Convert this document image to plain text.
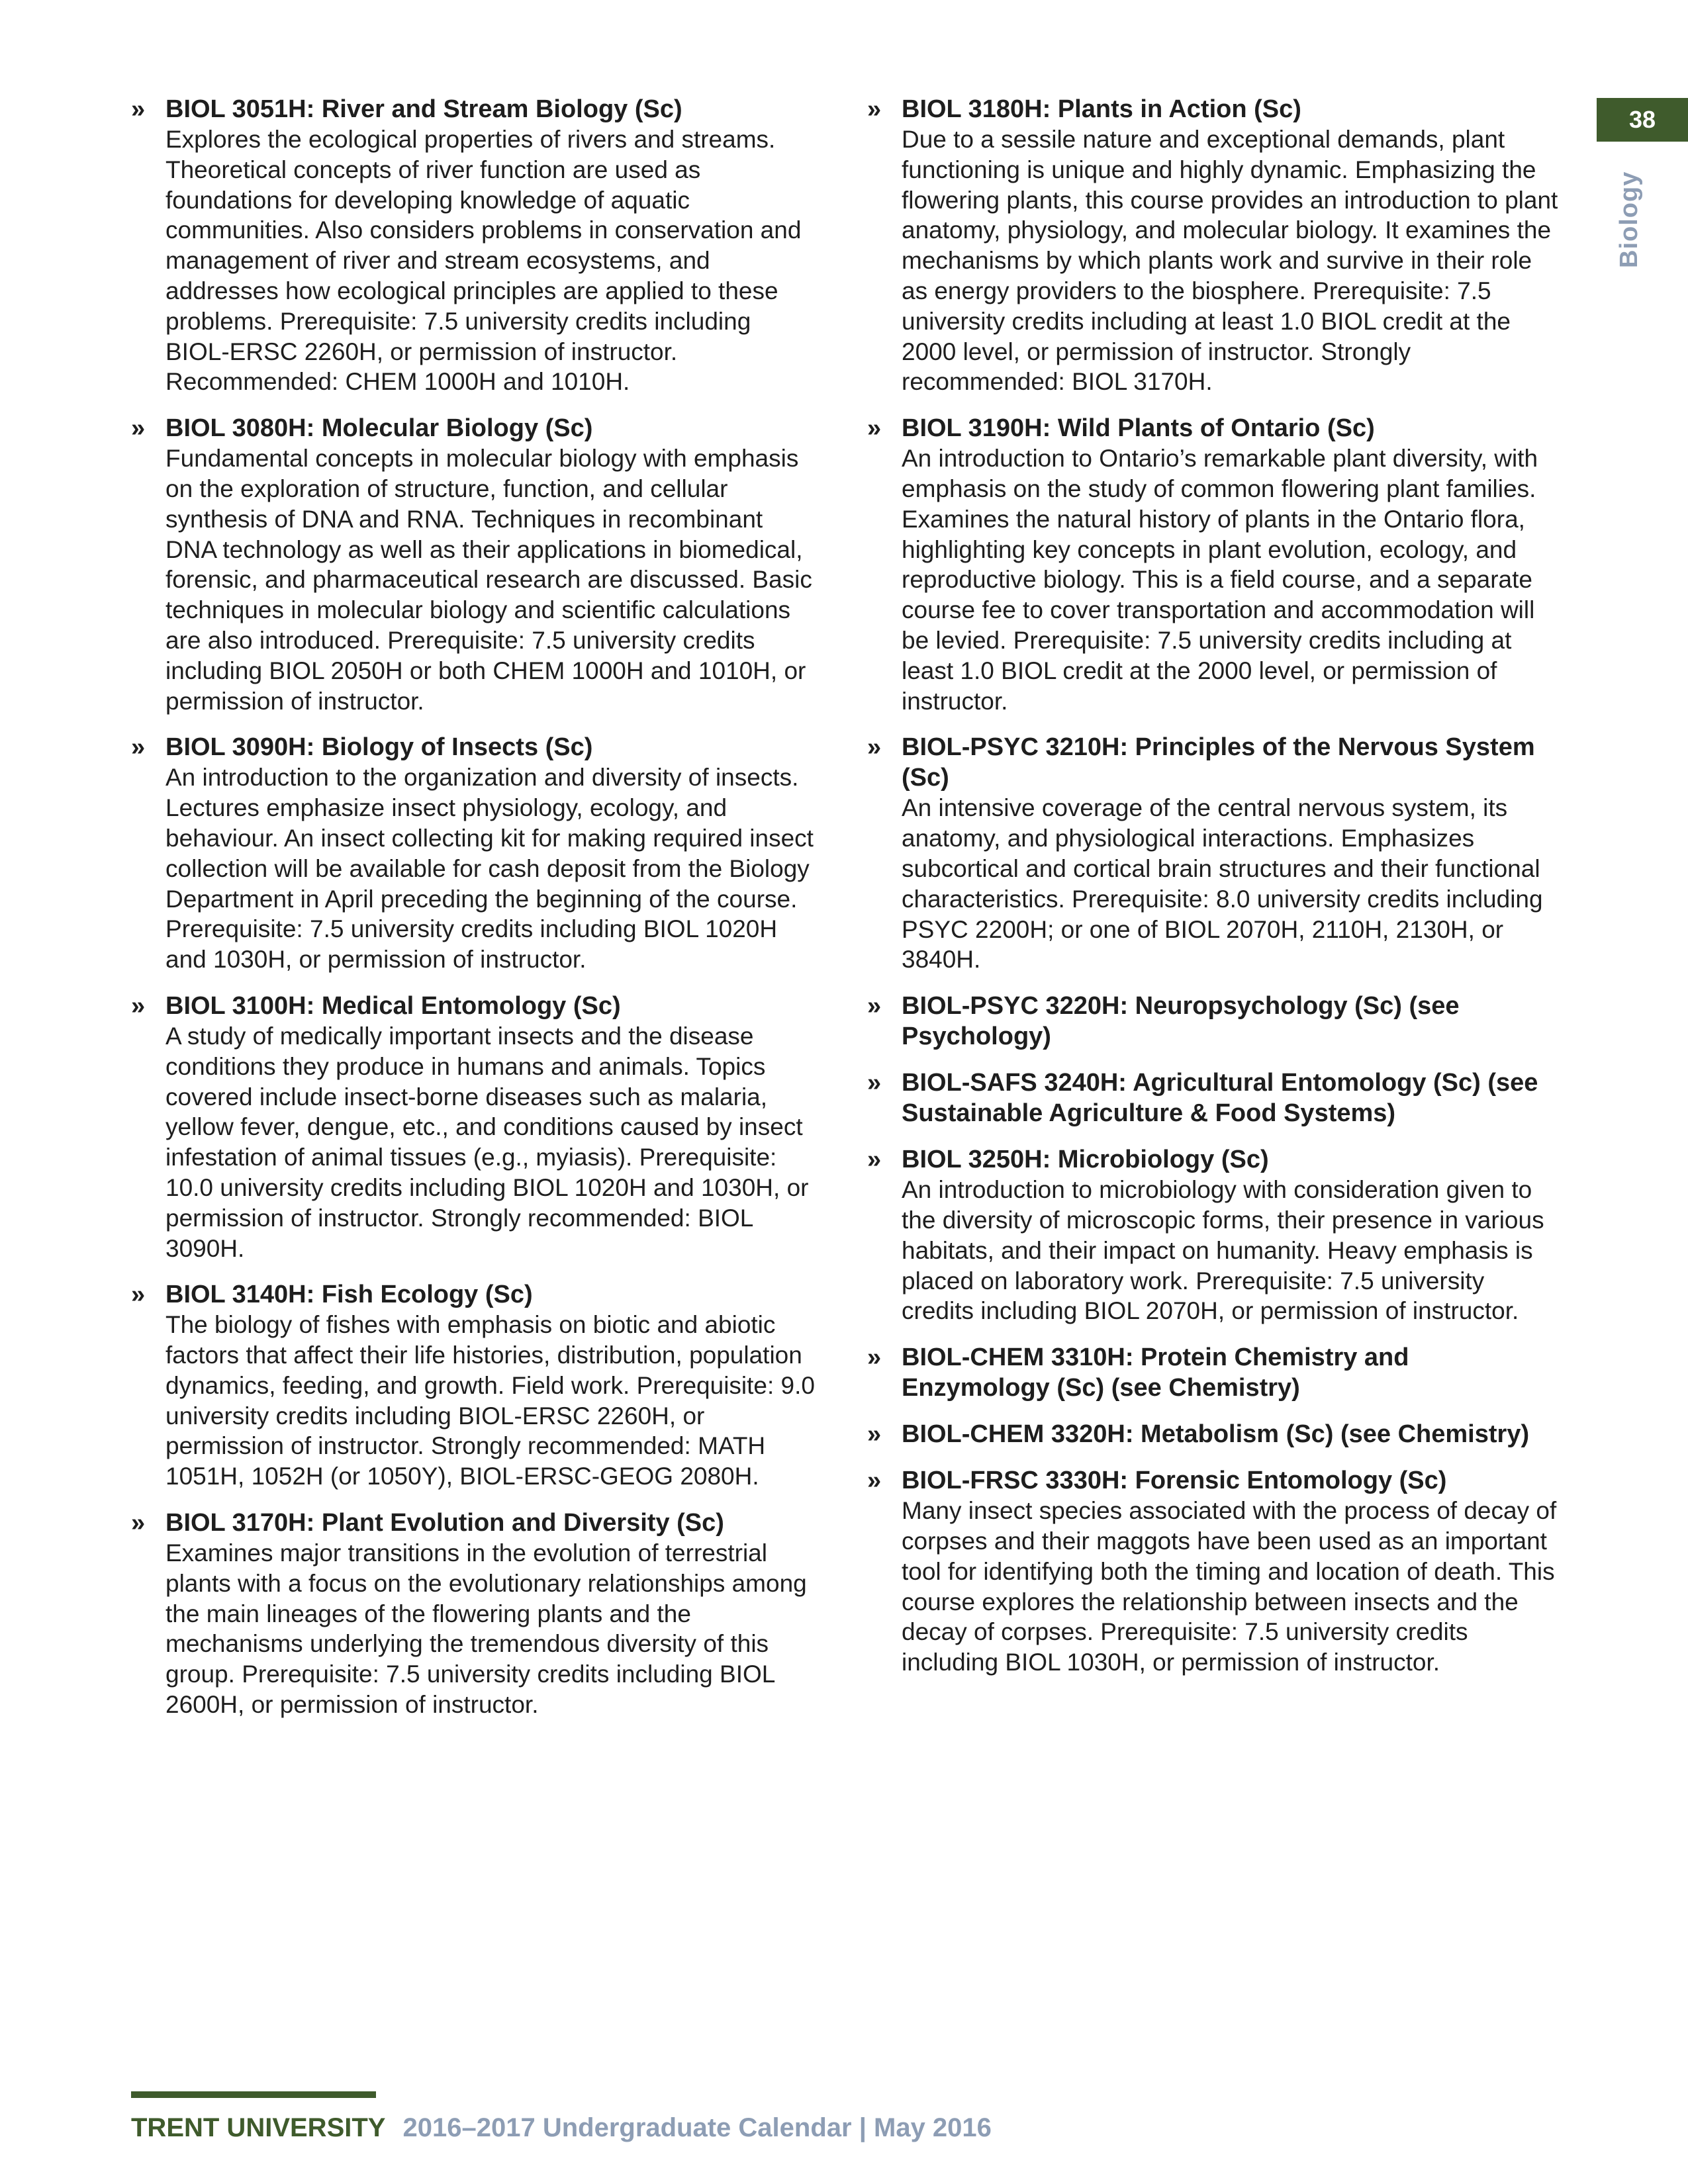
» BIOL 3051H: River and Stream Biology (Sc)
Explores the ecological properties of rivers and streams. Theoretical concepts of river function are used as foundations for developing knowledge of aquatic communities. Also considers problems in conservation and management of river and stream ecosystems, and addresses how ecological principles are applied to these problems. Prerequisite: 7.5 university credits including BIOL-ERSC 2260H, or permission of instructor. Recommended: CHEM 1000H and 1010H.
» BIOL 3080H: Molecular Biology (Sc)
Fundamental concepts in molecular biology with emphasis on the exploration of structure, function, and cellular synthesis of DNA and RNA. Techniques in recombinant DNA technology as well as their applications in biomedical, forensic, and pharmaceutical research are discussed. Basic techniques in molecular biology and scientific calculations are also introduced. Prerequisite: 7.5 university credits including BIOL 2050H or both CHEM 1000H and 1010H, or permission of instructor.
» BIOL 3090H: Biology of Insects (Sc)
An introduction to the organization and diversity of insects. Lectures emphasize insect physiology, ecology, and behaviour. An insect collecting kit for making required insect collection will be available for cash deposit from the Biology Department in April preceding the beginning of the course. Prerequisite: 7.5 university credits including BIOL 1020H and 1030H, or permission of instructor.
» BIOL 3100H: Medical Entomology (Sc)
A study of medically important insects and the disease conditions they produce in humans and animals. Topics covered include insect-borne diseases such as malaria, yellow fever, dengue, etc., and conditions caused by insect infestation of animal tissues (e.g., myiasis). Prerequisite: 10.0 university credits including BIOL 1020H and 1030H, or permission of instructor. Strongly recommended: BIOL 3090H.
» BIOL 3140H: Fish Ecology (Sc)
The biology of fishes with emphasis on biotic and abiotic factors that affect their life histories, distribution, population dynamics, feeding, and growth. Field work. Prerequisite: 9.0 university credits including BIOL-ERSC 2260H, or permission of instructor. Strongly recommended: MATH 1051H, 1052H (or 1050Y), BIOL-ERSC-GEOG 2080H.
» BIOL 3170H: Plant Evolution and Diversity (Sc)
Examines major transitions in the evolution of terrestrial plants with a focus on the evolutionary relationships among the main lineages of the flowering plants and the mechanisms underlying the tremendous diversity of this group. Prerequisite: 7.5 university credits including BIOL 2600H, or permission of instructor.
» BIOL 3180H: Plants in Action (Sc)
Due to a sessile nature and exceptional demands, plant functioning is unique and highly dynamic. Emphasizing the flowering plants, this course provides an introduction to plant anatomy, physiology, and molecular biology. It examines the mechanisms by which plants work and survive in their role as energy providers to the biosphere. Prerequisite: 7.5 university credits including at least 1.0 BIOL credit at the 2000 level, or permission of instructor. Strongly recommended: BIOL 3170H.
» BIOL 3190H: Wild Plants of Ontario (Sc)
An introduction to Ontario’s remarkable plant diversity, with emphasis on the study of common flowering plant families. Examines the natural history of plants in the Ontario flora, highlighting key concepts in plant evolution, ecology, and reproductive biology. This is a field course, and a separate course fee to cover transportation and accommodation will be levied. Prerequisite: 7.5 university credits including at least 1.0 BIOL credit at the 2000 level, or permission of instructor.
» BIOL-PSYC 3210H: Principles of the Nervous System (Sc)
An intensive coverage of the central nervous system, its anatomy, and physiological interactions. Emphasizes subcortical and cortical brain structures and their functional characteristics. Prerequisite: 8.0 university credits including PSYC 2200H; or one of BIOL 2070H, 2110H, 2130H, or 3840H.
» BIOL-PSYC 3220H: Neuropsychology (Sc) (see Psychology)
» BIOL-SAFS 3240H: Agricultural Entomology (Sc) (see Sustainable Agriculture & Food Systems)
» BIOL 3250H: Microbiology (Sc)
An introduction to microbiology with consideration given to the diversity of microscopic forms, their presence in various habitats, and their impact on humanity. Heavy emphasis is placed on laboratory work. Prerequisite: 7.5 university credits including BIOL 2070H, or permission of instructor.
» BIOL-CHEM 3310H: Protein Chemistry and Enzymology (Sc) (see Chemistry)
» BIOL-CHEM 3320H: Metabolism (Sc) (see Chemistry)
» BIOL-FRSC 3330H: Forensic Entomology (Sc)
Many insect species associated with the process of decay of corpses and their maggots have been used as an important tool for identifying both the timing and location of death. This course explores the relationship between insects and the decay of corpses. Prerequisite: 7.5 university credits including BIOL 1030H, or permission of instructor.
38
Biology
TRENT UNIVERSITY 2016–2017 Undergraduate Calendar | May 2016
